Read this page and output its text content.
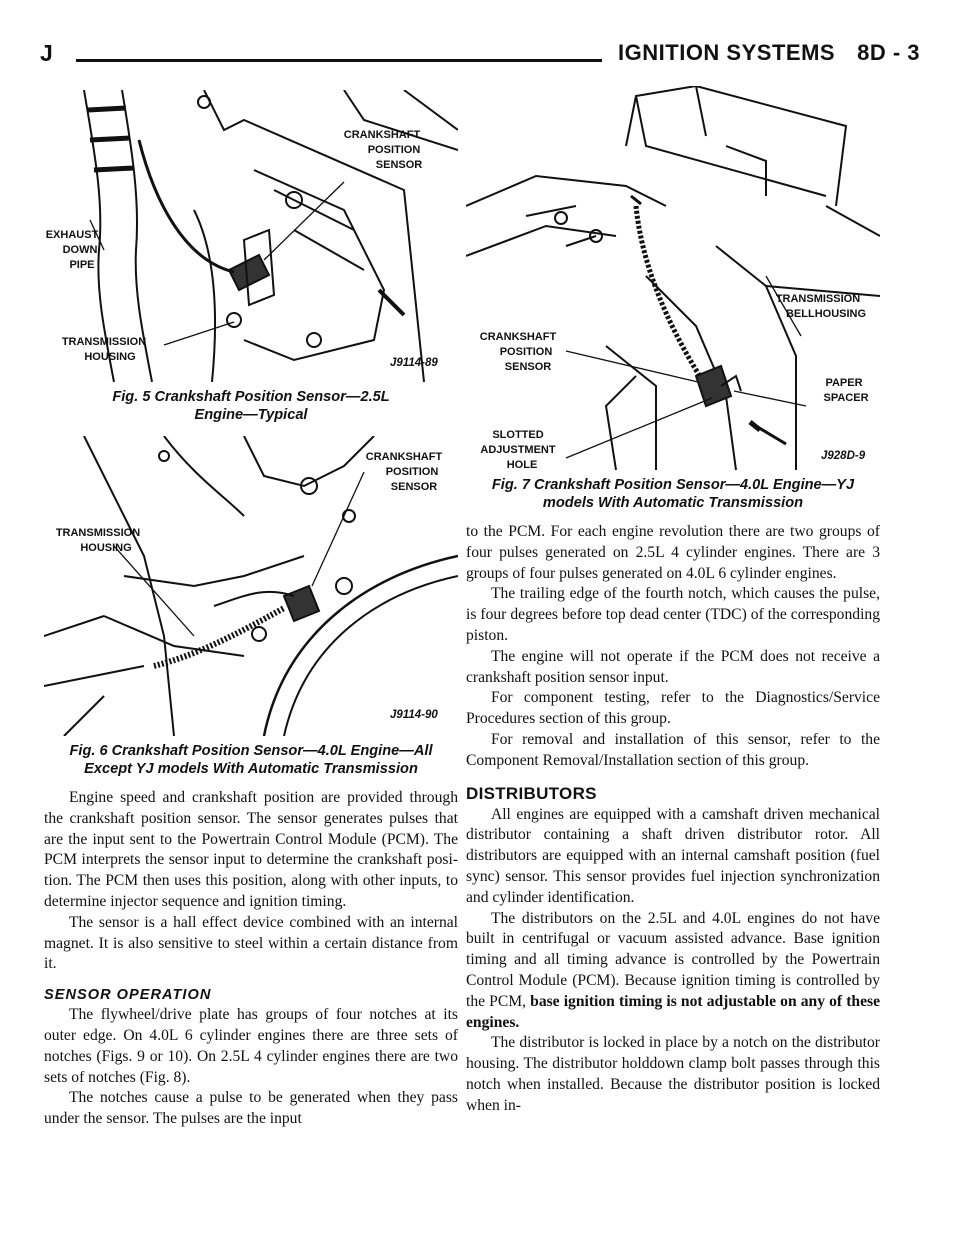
J	IGNITION SYSTEMS 8D - 3
CRANKSHAFT
POSITION
SENSOR
EXHAUST
DOWN
PIPE
TRANSMISSION
HOUSING	J9114-89
Fig. 5 Crankshaft Position Sensor—2.5L
Engine—Typical
CRANKSHAFT
POSITION
SENSOR
TRANSMISSION
HOUSING
J9114-90
Fig. 6 Crankshaft Position Sensor—4.0L Engine—All
Except YJ models With Automatic Transmission

Engine speed and crankshaft position are provided through the crankshaft position sensor. The sensor generates pulses that are the input sent to the Powertrain Control Module (PCM). The PCM interprets the sensor input to determine the crankshaft position. The PCM then uses this position, along with other inputs, to determine injector sequence and ignition timing.

The sensor is a hall effect device combined with an internal magnet. It is also sensitive to steel within a certain distance from it.

SENSOR OPERATION

The flywheel/drive plate has groups of four notches at its outer edge. On 4.0L 6 cylinder engines there are three sets of notches (Figs. 9 or 10). On 2.5L 4 cylinder engines there are two sets of notches (Fig. 8).

The notches cause a pulse to be generated when they pass under the sensor. The pulses are the input

TRANSMISSION
BELLHOUSING
CRANKSHAFT
POSITION
SENSOR
PAPER
SPACER
SLOTTED
ADJUSTMENT
HOLE
J928D-9
Fig. 7 Crankshaft Position Sensor—4.0L Engine—YJ
models With Automatic Transmission

to the PCM. For each engine revolution there are two groups of four pulses generated on 2.5L 4 cylinder engines. There are 3 groups of four pulses generated on 4.0L 6 cylinder engines.

The trailing edge of the fourth notch, which causes the pulse, is four degrees before top dead center (TDC) of the corresponding piston.

The engine will not operate if the PCM does not receive a crankshaft position sensor input.

For component testing, refer to the Diagnostics/Service Procedures section of this group.

For removal and installation of this sensor, refer to the Component Removal/Installation section of this group.

DISTRIBUTORS

All engines are equipped with a camshaft driven mechanical distributor containing a shaft driven distributor rotor. All distributors are equipped with an internal camshaft position (fuel sync) sensor. This sensor provides fuel injection synchronization and cylinder identification.

The distributors on the 2.5L and 4.0L engines do not have built in centrifugal or vacuum assisted advance. Base ignition timing and all timing advance is controlled by the Powertrain Control Module (PCM). Because ignition timing is controlled by the PCM, base ignition timing is not adjustable on any of these engines.

The distributor is locked in place by a notch on the distributor housing. The distributor holddown clamp bolt passes through this notch when installed. Because the distributor position is locked when in-
